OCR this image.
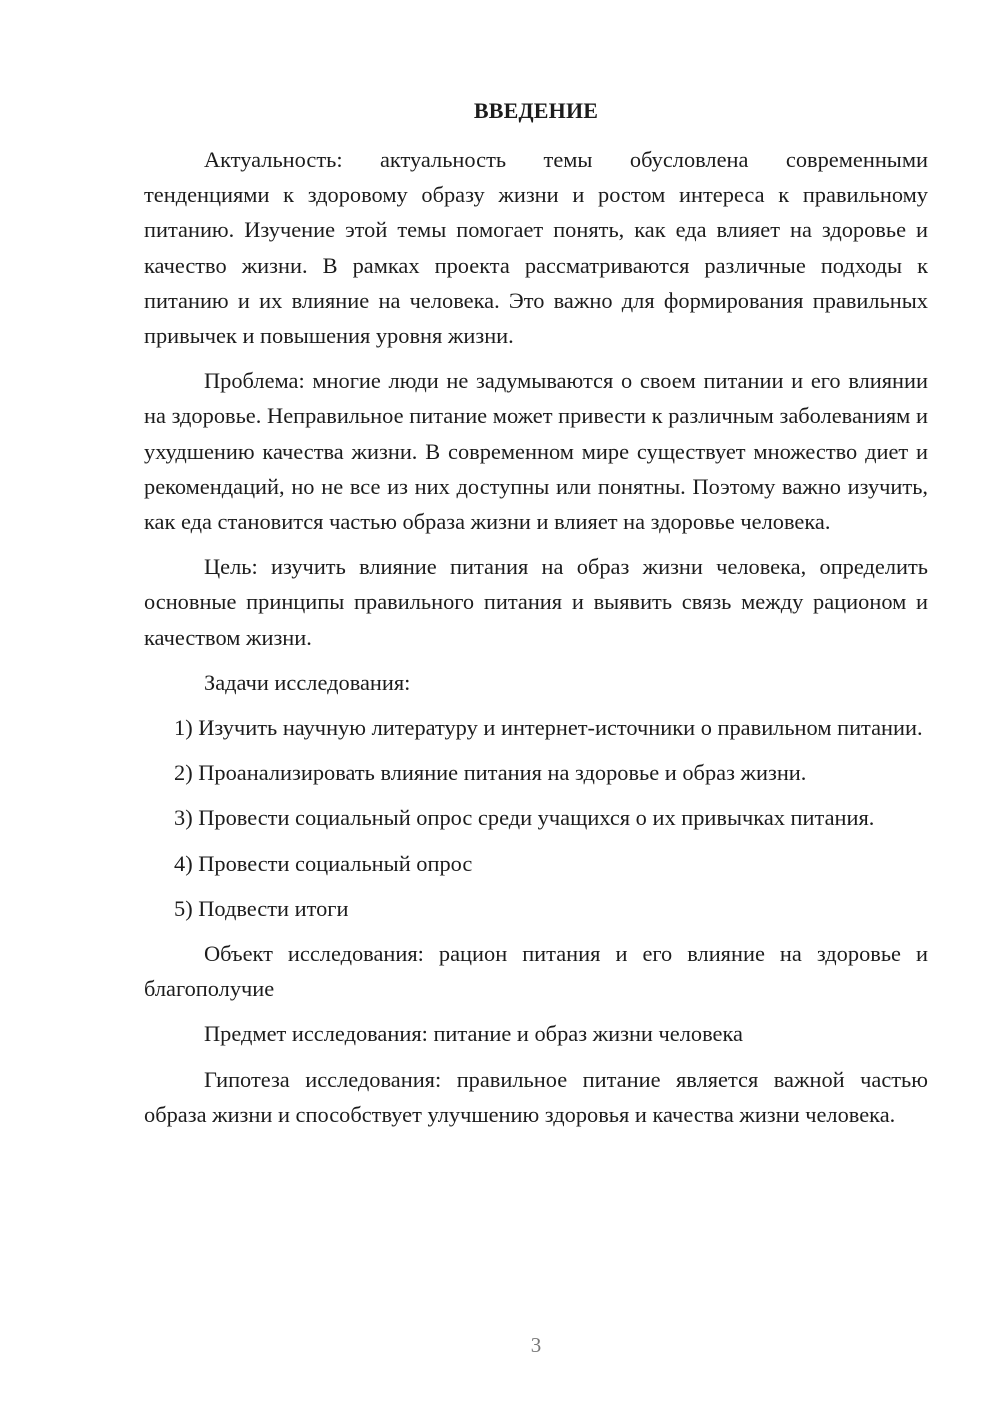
ВВЕДЕНИЕ

Актуальность: актуальность темы обусловлена современными тенденциями к здоровому образу жизни и ростом интереса к правильному питанию. Изучение этой темы помогает понять, как еда влияет на здоровье и качество жизни. В рамках проекта рассматриваются различные подходы к питанию и их влияние на человека. Это важно для формирования правильных привычек и повышения уровня жизни.

Проблема: многие люди не задумываются о своем питании и его влиянии на здоровье. Неправильное питание может привести к различным заболеваниям и ухудшению качества жизни. В современном мире существует множество диет и рекомендаций, но не все из них доступны или понятны. Поэтому важно изучить, как еда становится частью образа жизни и влияет на здоровье человека.

Цель: изучить влияние питания на образ жизни человека, определить основные принципы правильного питания и выявить связь между рационом и качеством жизни.

Задачи исследования:

1) Изучить научную литературу и интернет-источники о правильном питании.

2) Проанализировать влияние питания на здоровье и образ жизни.

3) Провести социальный опрос среди учащихся о их привычках питания.

4) Провести социальный опрос

5) Подвести итоги

Объект исследования: рацион питания и его влияние на здоровье и благополучие

Предмет исследования: питание и образ жизни человека

Гипотеза исследования: правильное питание является важной частью образа жизни и способствует улучшению здоровья и качества жизни человека.

3
